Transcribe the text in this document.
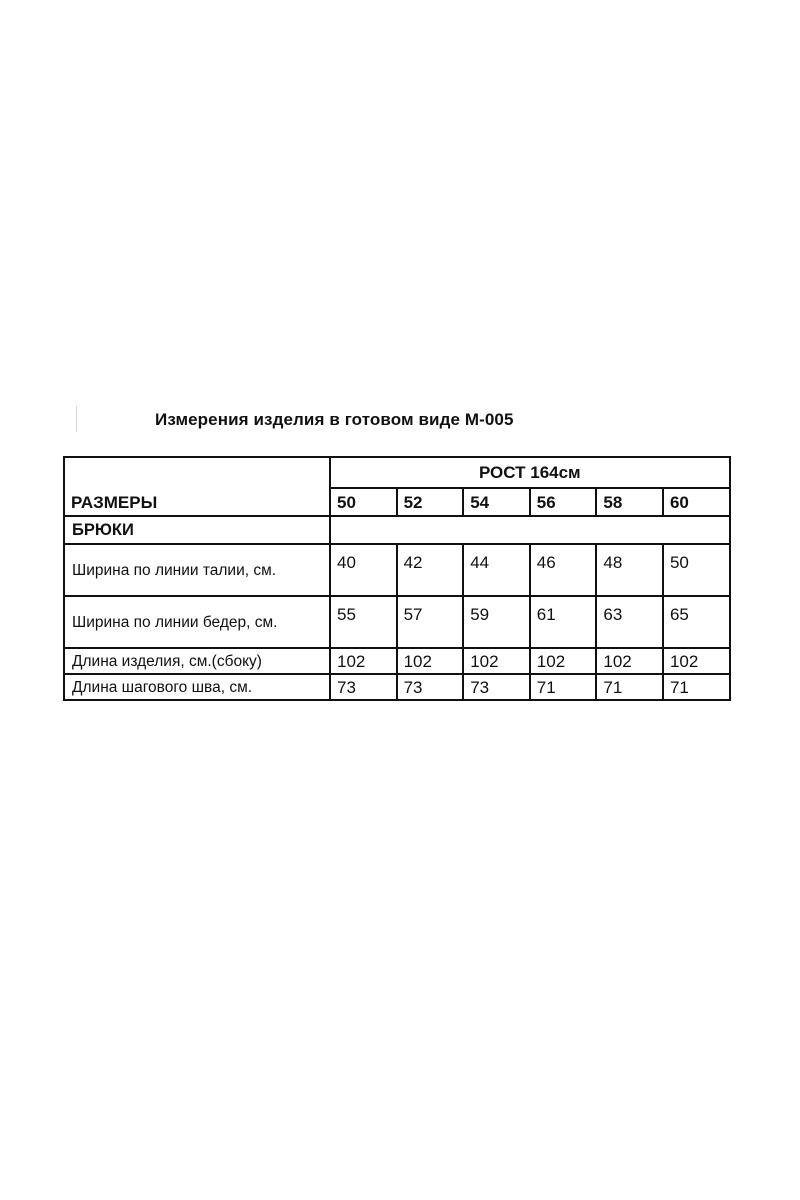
Измерения изделия в готовом виде М-005
РАЗМЕРЫ	РОСТ 164см					
	50	52	54	56	58	60
БРЮКИ						
Ширина по линии талии, см.	40	42	44	46	48	50
Ширина по линии бедер, см.	55	57	59	61	63	65
Длина изделия, см.(сбоку)	102	102	102	102	102	102
Длина шагового шва, см.	73	73	73	71	71	71
